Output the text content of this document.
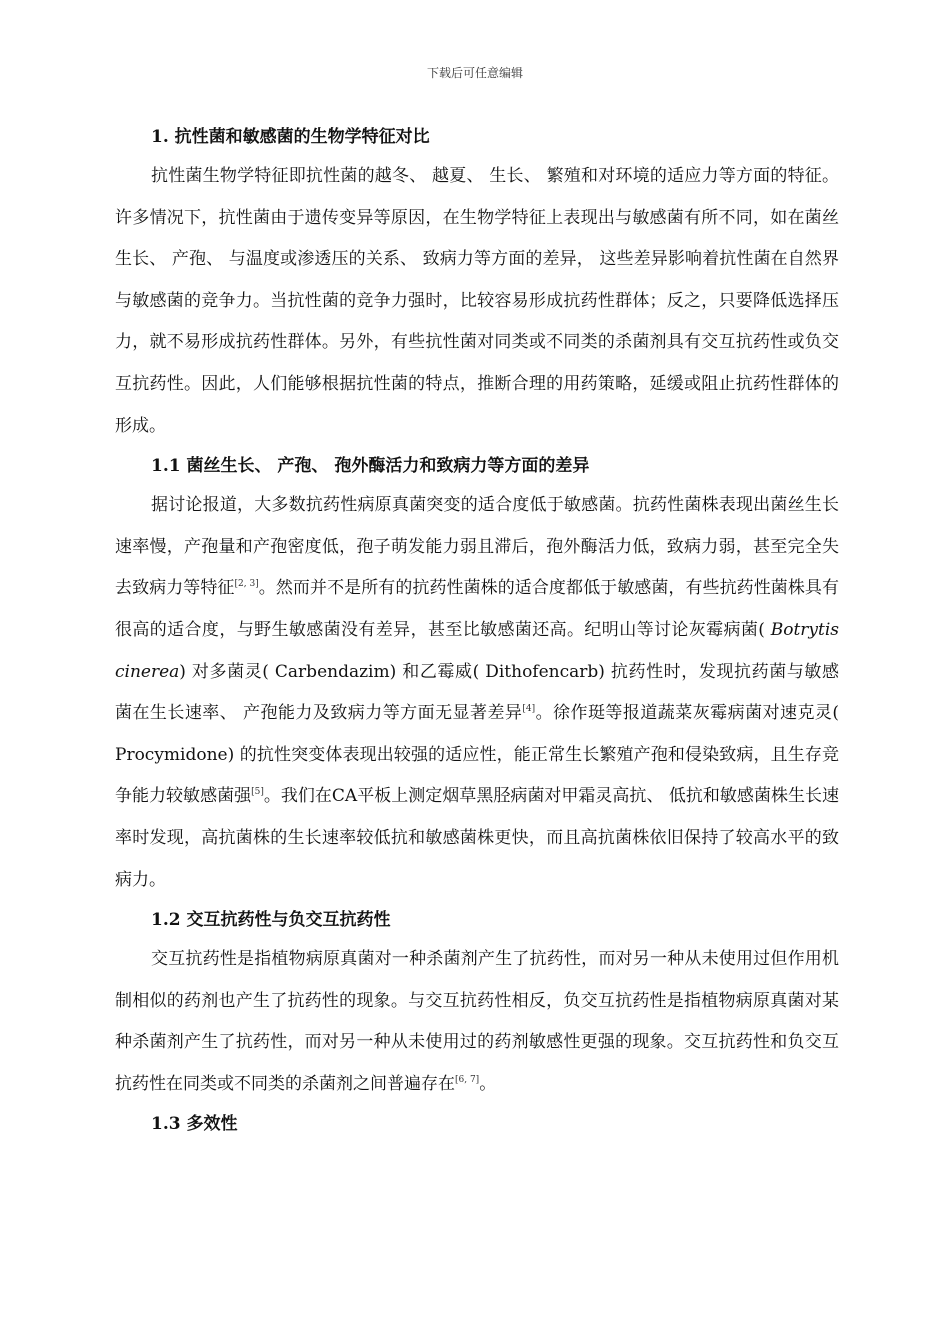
下载后可任意编辑
1. 抗性菌和敏感菌的生物学特征对比

抗性菌生物学特征即抗性菌的越冬、 越夏、 生长、 繁殖和对环境的适应力等方面的特征。许多情况下，抗性菌由于遗传变异等原因，在生物学特征上表现出与敏感菌有所不同，如在菌丝生长、 产孢、 与温度或渗透压的关系、 致病力等方面的差异， 这些差异影响着抗性菌在自然界与敏感菌的竞争力。当抗性菌的竞争力强时，比较容易形成抗药性群体；反之，只要降低选择压力，就不易形成抗药性群体。另外，有些抗性菌对同类或不同类的杀菌剂具有交互抗药性或负交互抗药性。因此，人们能够根据抗性菌的特点，推断合理的用药策略，延缓或阻止抗药性群体的形成。

1.1 菌丝生长、 产孢、 孢外酶活力和致病力等方面的差异

据讨论报道，大多数抗药性病原真菌突变的适合度低于敏感菌。抗药性菌株表现出菌丝生长速率慢，产孢量和产孢密度低，孢子萌发能力弱且滞后，孢外酶活力低，致病力弱，甚至完全失去致病力等特征[2, 3]。然而并不是所有的抗药性菌株的适合度都低于敏感菌，有些抗药性菌株具有很高的适合度，与野生敏感菌没有差异，甚至比敏感菌还高。纪明山等讨论灰霉病菌( Botrytis cinerea) 对多菌灵( Carbendazim) 和乙霉威( Dithofencarb) 抗药性时，发现抗药菌与敏感菌在生长速率、 产孢能力及致病力等方面无显著差异[4]。徐作珽等报道蔬菜灰霉病菌对速克灵( Procymidone) 的抗性突变体表现出较强的适应性，能正常生长繁殖产孢和侵染致病，且生存竞争能力较敏感菌强[5]。我们在CA平板上测定烟草黑胫病菌对甲霜灵高抗、 低抗和敏感菌株生长速率时发现，高抗菌株的生长速率较低抗和敏感菌株更快，而且高抗菌株依旧保持了较高水平的致病力。

1.2 交互抗药性与负交互抗药性

交互抗药性是指植物病原真菌对一种杀菌剂产生了抗药性，而对另一种从未使用过但作用机制相似的药剂也产生了抗药性的现象。与交互抗药性相反，负交互抗药性是指植物病原真菌对某种杀菌剂产生了抗药性，而对另一种从未使用过的药剂敏感性更强的现象。交互抗药性和负交互抗药性在同类或不同类的杀菌剂之间普遍存在[6, 7]。

1.3 多效性
